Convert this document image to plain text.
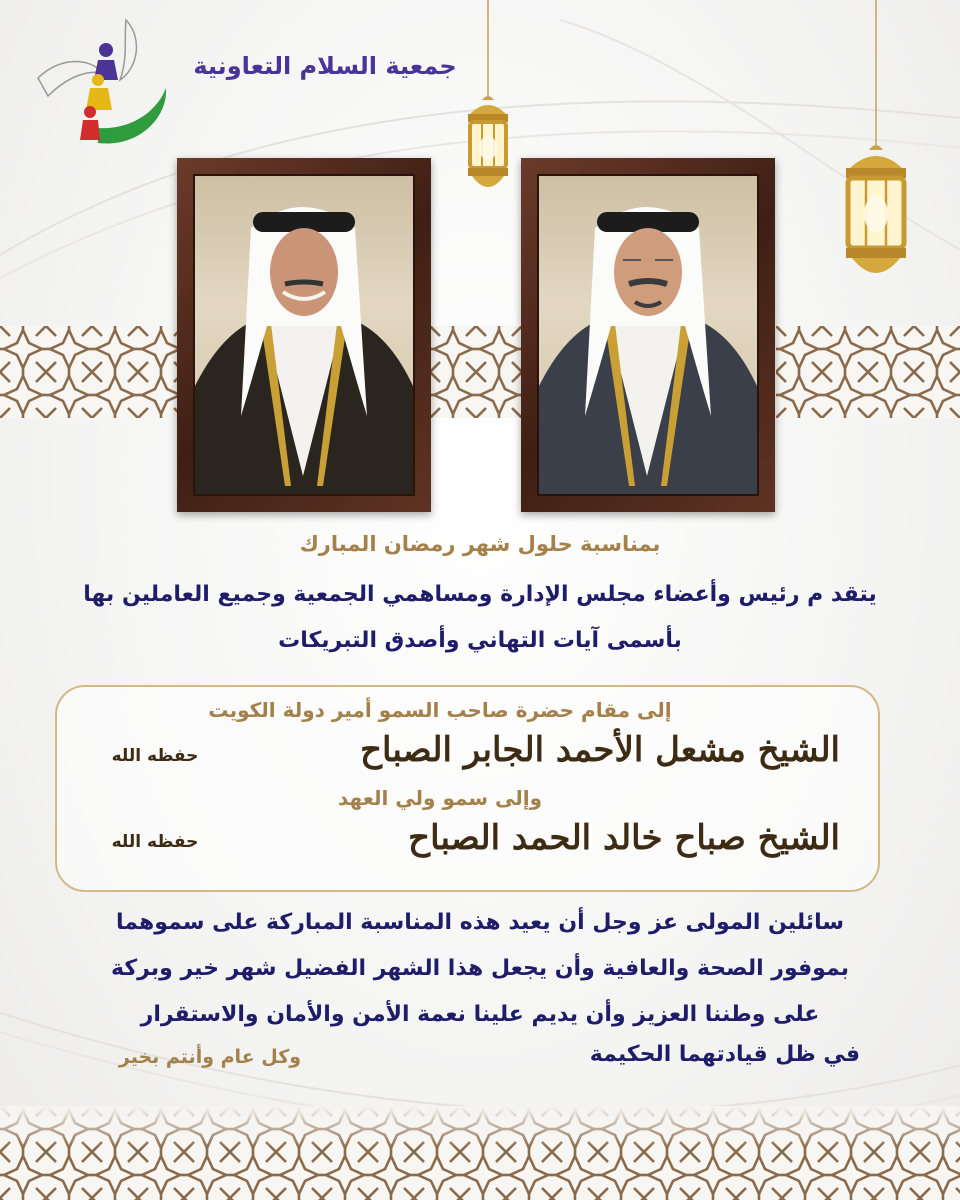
جمعية السلام التعاونية
بمناسبة حلول شهر رمضان المبارك
يتقد م رئيس وأعضاء مجلس الإدارة ومساهمي الجمعية وجميع العاملين بها
بأسمى آيات التهاني وأصدق التبريكات
إلى مقام حضرة صاحب السمو أمير دولة الكويت
الشيخ مشعل الأحمد الجابر الصباح
حفظه الله
وإلى سمو ولي العهد
الشيخ صباح خالد الحمد الصباح
حفظه الله
سائلين المولى عز وجل أن يعيد هذه المناسبة المباركة على سموهما
بموفور الصحة والعافية وأن يجعل هذا الشهر الفضيل شهر خير وبركة
على وطننا العزيز وأن يديم علينا نعمة الأمن والأمان والاستقرار
في ظل قيادتهما الحكيمة
وكل عام وأنتم بخير
